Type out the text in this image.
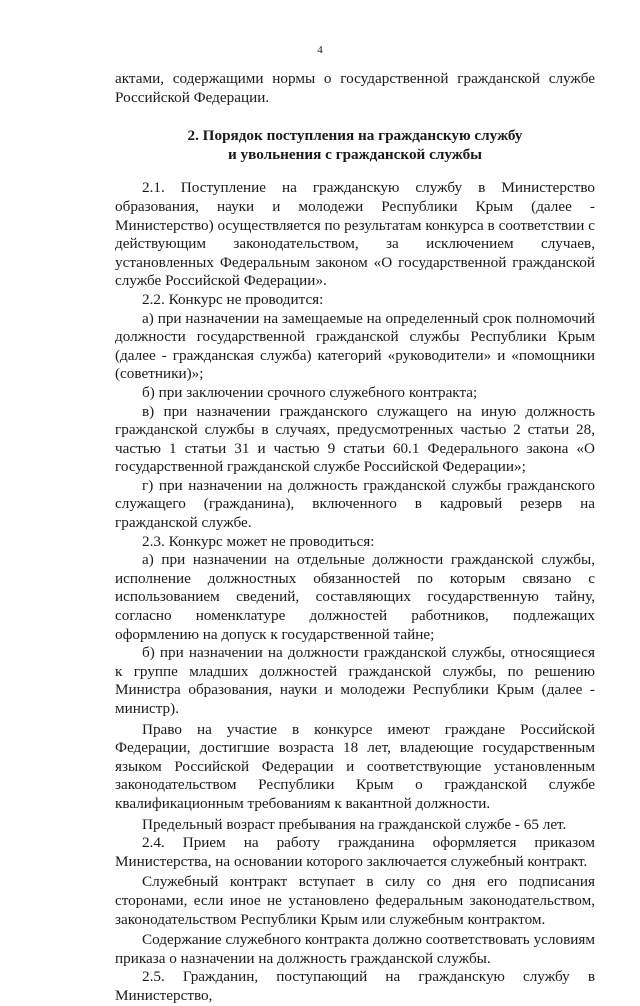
4

актами, содержащими нормы о государственной гражданской службе Российской Федерации.

2. Порядок поступления на гражданскую службу
и увольнения с гражданской службы

2.1. Поступление на гражданскую службу в Министерство образования, науки и молодежи Республики Крым (далее - Министерство) осуществляется по результатам конкурса в соответствии с действующим законодательством, за исключением случаев, установленных Федеральным законом «О государственной гражданской службе Российской Федерации».

2.2. Конкурс не проводится:

а) при назначении на замещаемые на определенный срок полномочий должности государственной гражданской службы Республики Крым (далее - гражданская служба) категорий «руководители» и «помощники (советники)»;

б) при заключении срочного служебного контракта;

в) при назначении гражданского служащего на иную должность гражданской службы в случаях, предусмотренных частью 2 статьи 28, частью 1 статьи 31 и частью 9 статьи 60.1 Федерального закона «О государственной гражданской службе Российской Федерации»;

г) при назначении на должность гражданской службы гражданского служащего (гражданина), включенного в кадровый резерв на гражданской службе.

2.3. Конкурс может не проводиться:

а) при назначении на отдельные должности гражданской службы, исполнение должностных обязанностей по которым связано с использованием сведений, составляющих государственную тайну, согласно номенклатуре должностей работников, подлежащих оформлению на допуск к государственной тайне;

б) при назначении на должности гражданской службы, относящиеся к группе младших должностей гражданской службы, по решению Министра образования, науки и молодежи Республики Крым (далее - министр).

Право на участие в конкурсе имеют граждане Российской Федерации, достигшие возраста 18 лет, владеющие государственным языком Российской Федерации и соответствующие установленным законодательством Республики Крым о гражданской службе квалификационным требованиям к вакантной должности.

Предельный возраст пребывания на гражданской службе - 65 лет.

2.4. Прием на работу гражданина оформляется приказом Министерства, на основании которого заключается служебный контракт.

Служебный контракт вступает в силу со дня его подписания сторонами, если иное не установлено федеральным законодательством, законодательством Республики Крым или служебным контрактом.

Содержание служебного контракта должно соответствовать условиям приказа о назначении на должность гражданской службы.

2.5. Гражданин, поступающий на гражданскую службу в Министерство,
